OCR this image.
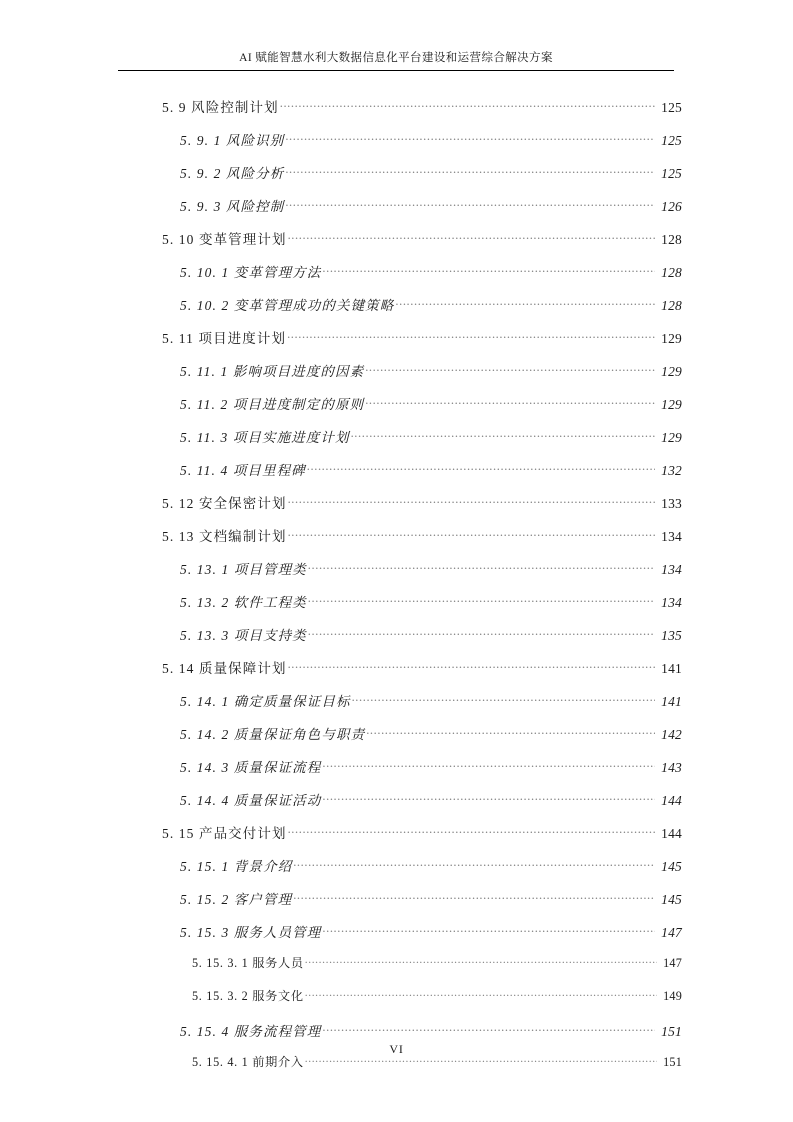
AI 赋能智慧水利大数据信息化平台建设和运营综合解决方案
5. 9 风险控制计划 .....	125
5. 9. 1 风险识别 .....	125
5. 9. 2 风险分析 .....	125
5. 9. 3 风险控制 .....	126
5. 10 变革管理计划 .....	128
5. 10. 1 变革管理方法 .....	128
5. 10. 2 变革管理成功的关键策略 .....	128
5. 11 项目进度计划 .....	129
5. 11. 1 影响项目进度的因素 .....	129
5. 11. 2 项目进度制定的原则 .....	129
5. 11. 3 项目实施进度计划 .....	129
5. 11. 4 项目里程碑 .....	132
5. 12 安全保密计划 .....	133
5. 13 文档编制计划 .....	134
5. 13. 1 项目管理类 .....	134
5. 13. 2 软件工程类 .....	134
5. 13. 3 项目支持类 .....	135
5. 14 质量保障计划 .....	141
5. 14. 1 确定质量保证目标 .....	141
5. 14. 2 质量保证角色与职责 .....	142
5. 14. 3 质量保证流程 .....	143
5. 14. 4 质量保证活动 .....	144
5. 15 产品交付计划 .....	144
5. 15. 1 背景介绍 .....	145
5. 15. 2 客户管理 .....	145
5. 15. 3 服务人员管理 .....	147
5. 15. 3. 1 服务人员 .....	147
5. 15. 3. 2 服务文化 .....	149
5. 15. 4 服务流程管理 .....	151
5. 15. 4. 1 前期介入 .....	151
VI
